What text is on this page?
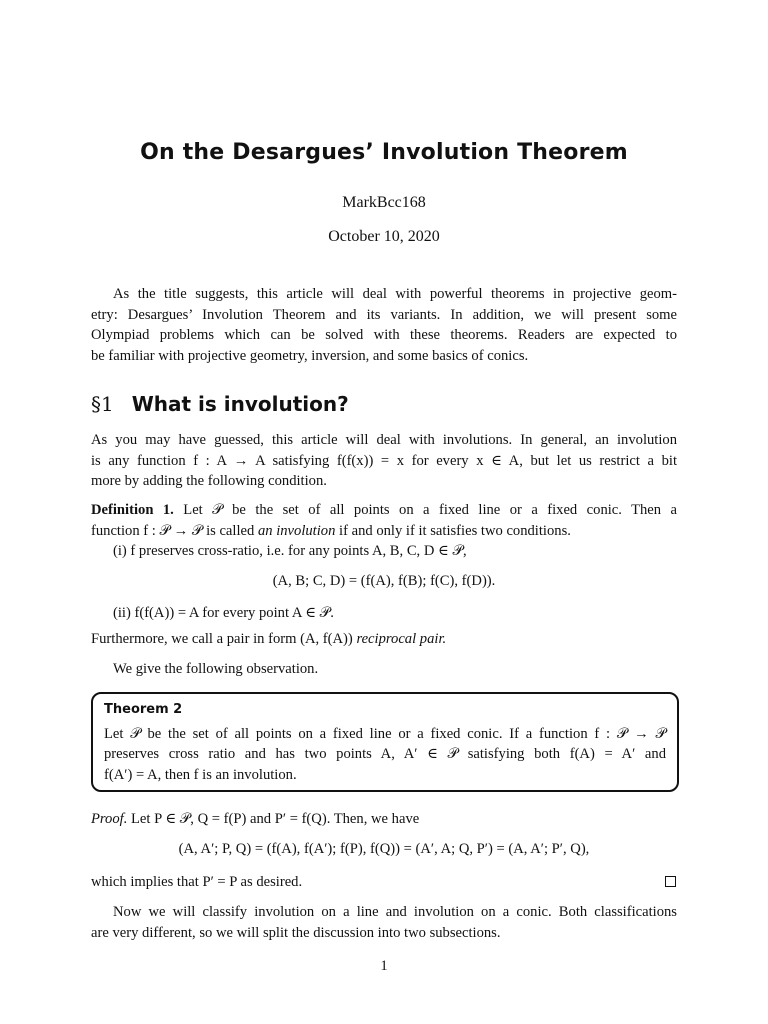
On the Desargues’ Involution Theorem
MarkBcc168
October 10, 2020
As the title suggests, this article will deal with powerful theorems in projective geom-
etry: Desargues’ Involution Theorem and its variants. In addition, we will present some
Olympiad problems which can be solved with these theorems. Readers are expected to
be familiar with projective geometry, inversion, and some basics of conics.
§1 What is involution?
As you may have guessed, this article will deal with involutions. In general, an involution
is any function f : A → A satisfying f(f(x)) = x for every x ∈ A, but let us restrict a bit
more by adding the following condition.
Definition 1. Let 𝒫 be the set of all points on a fixed line or a fixed conic. Then a
function f : 𝒫 → 𝒫 is called an involution if and only if it satisfies two conditions.
(i) f preserves cross-ratio, i.e. for any points A, B, C, D ∈ 𝒫,
(A, B; C, D) = (f(A), f(B); f(C), f(D)).
(ii) f(f(A)) = A for every point A ∈ 𝒫.
Furthermore, we call a pair in form (A, f(A)) reciprocal pair.
We give the following observation.
Theorem 2
Let 𝒫 be the set of all points on a fixed line or a fixed conic. If a function f : 𝒫 → 𝒫
preserves cross ratio and has two points A, A′ ∈ 𝒫 satisfying both f(A) = A′ and
f(A′) = A, then f is an involution.
Proof. Let P ∈ 𝒫, Q = f(P) and P′ = f(Q). Then, we have
(A, A′; P, Q) = (f(A), f(A′); f(P), f(Q)) = (A′, A; Q, P′) = (A, A′; P′, Q),
which implies that P′ = P as desired.
Now we will classify involution on a line and involution on a conic. Both classifications
are very different, so we will split the discussion into two subsections.
1
